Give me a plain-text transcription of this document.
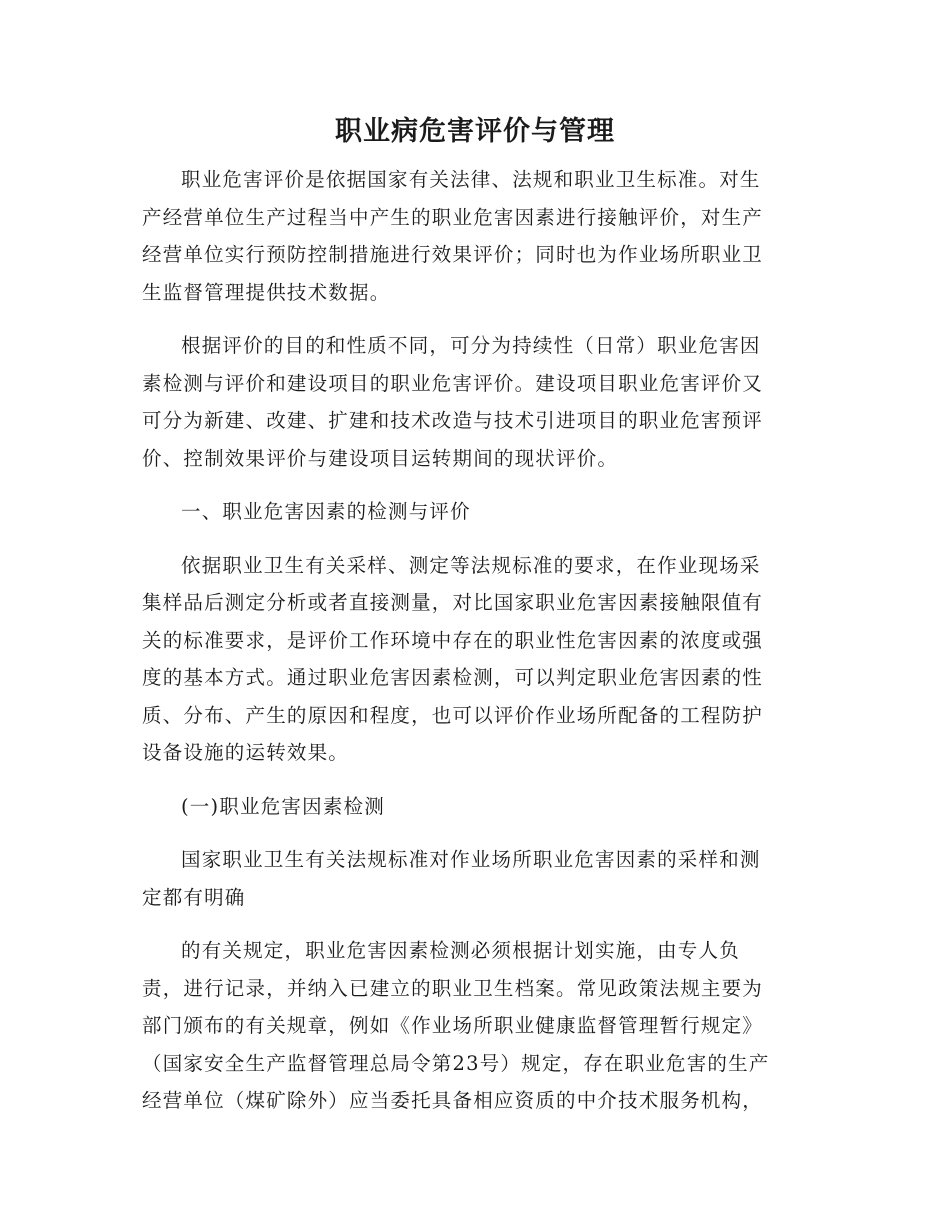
职业病危害评价与管理
职业危害评价是依据国家有关法律、法规和职业卫生标准。对生
产经营单位生产过程当中产生的职业危害因素进行接触评价，对生产
经营单位实行预防控制措施进行效果评价；同时也为作业场所职业卫
生监督管理提供技术数据。
根据评价的目的和性质不同，可分为持续性（日常）职业危害因
素检测与评价和建设项目的职业危害评价。建设项目职业危害评价又
可分为新建、改建、扩建和技术改造与技术引进项目的职业危害预评
价、控制效果评价与建设项目运转期间的现状评价。
一、职业危害因素的检测与评价
依据职业卫生有关采样、测定等法规标准的要求，在作业现场采
集样品后测定分析或者直接测量，对比国家职业危害因素接触限值有
关的标准要求，是评价工作环境中存在的职业性危害因素的浓度或强
度的基本方式。通过职业危害因素检测，可以判定职业危害因素的性
质、分布、产生的原因和程度，也可以评价作业场所配备的工程防护
设备设施的运转效果。
(一)职业危害因素检测
国家职业卫生有关法规标准对作业场所职业危害因素的采样和测
定都有明确
的有关规定，职业危害因素检测必须根据计划实施，由专人负
责，进行记录，并纳入已建立的职业卫生档案。常见政策法规主要为
部门颁布的有关规章，例如《作业场所职业健康监督管理暂行规定》
（国家安全生产监督管理总局令第23号）规定，存在职业危害的生产
经营单位（煤矿除外）应当委托具备相应资质的中介技术服务机构，
